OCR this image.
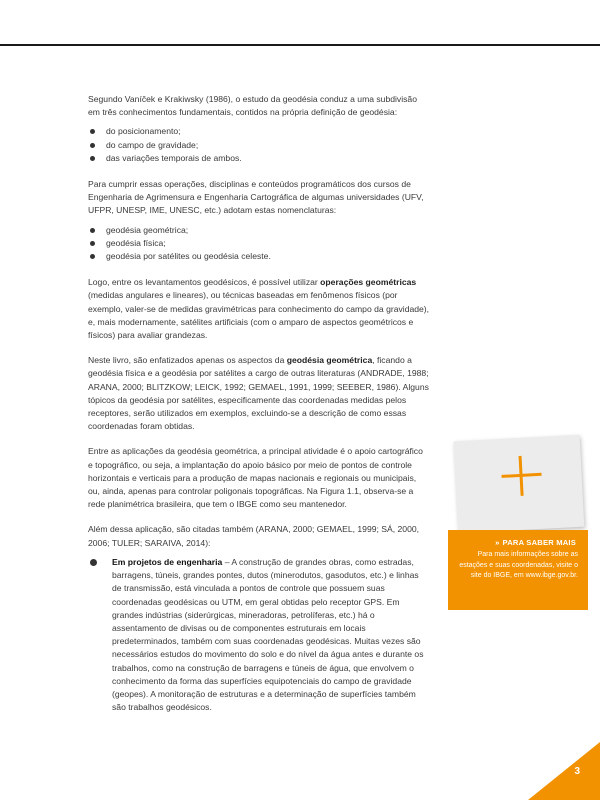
Segundo Vaníček e Krakiwsky (1986), o estudo da geodésia conduz a uma subdivisão em três conhecimentos fundamentais, contidos na própria definição de geodésia:

do posicionamento;
do campo de gravidade;
das variações temporais de ambos.

Para cumprir essas operações, disciplinas e conteúdos programáticos dos cursos de Engenharia de Agrimensura e Engenharia Cartográfica de algumas universidades (UFV, UFPR, UNESP, IME, UNESC, etc.) adotam estas nomenclaturas:

geodésia geométrica;
geodésia física;
geodésia por satélites ou geodésia celeste.

Logo, entre os levantamentos geodésicos, é possível utilizar operações geométricas (medidas angulares e lineares), ou técnicas baseadas em fenômenos físicos (por exemplo, valer-se de medidas gravimétricas para conhecimento do campo da gravidade), e, mais modernamente, satélites artificiais (com o amparo de aspectos geométricos e físicos) para avaliar grandezas.

Neste livro, são enfatizados apenas os aspectos da geodésia geométrica, ficando a geodésia física e a geodésia por satélites a cargo de outras literaturas (ANDRADE, 1988; ARANA, 2000; BLITZKOW; LEICK, 1992; GEMAEL, 1991, 1999; SEEBER, 1986). Alguns tópicos da geodésia por satélites, especificamente das coordenadas medidas pelos receptores, serão utilizados em exemplos, excluindo-se a descrição de como essas coordenadas foram obtidas.

Entre as aplicações da geodésia geométrica, a principal atividade é o apoio cartográfico e topográfico, ou seja, a implantação do apoio básico por meio de pontos de controle horizontais e verticais para a produção de mapas nacionais e regionais ou municipais, ou, ainda, apenas para controlar poligonais topográficas. Na Figura 1.1, observa-se a rede planimétrica brasileira, que tem o IBGE como seu mantenedor.

Além dessa aplicação, são citadas também (ARANA, 2000; GEMAEL, 1999; SÁ, 2000, 2006; TULER; SARAIVA, 2014):

Em projetos de engenharia – A construção de grandes obras, como estradas, barragens, túneis, grandes pontes, dutos (minerodutos, gasodutos, etc.) e linhas de transmissão, está vinculada a pontos de controle que possuem suas coordenadas geodésicas ou UTM, em geral obtidas pelo receptor GPS. Em grandes indústrias (siderúrgicas, mineradoras, petrolíferas, etc.) há o assentamento de divisas ou de componentes estruturais em locais predeterminados, também com suas coordenadas geodésicas. Muitas vezes são necessários estudos do movimento do solo e do nível da água antes e durante os trabalhos, como na construção de barragens e túneis de água, que envolvem o conhecimento da forma das superfícies equipotenciais do campo de gravidade (geopes). A monitoração de estruturas e a determinação de superfícies também são trabalhos geodésicos.
» PARA SABER MAIS
Para mais informações sobre as estações e suas coordenadas, visite o site do IBGE, em www.ibge.gov.br.
3
